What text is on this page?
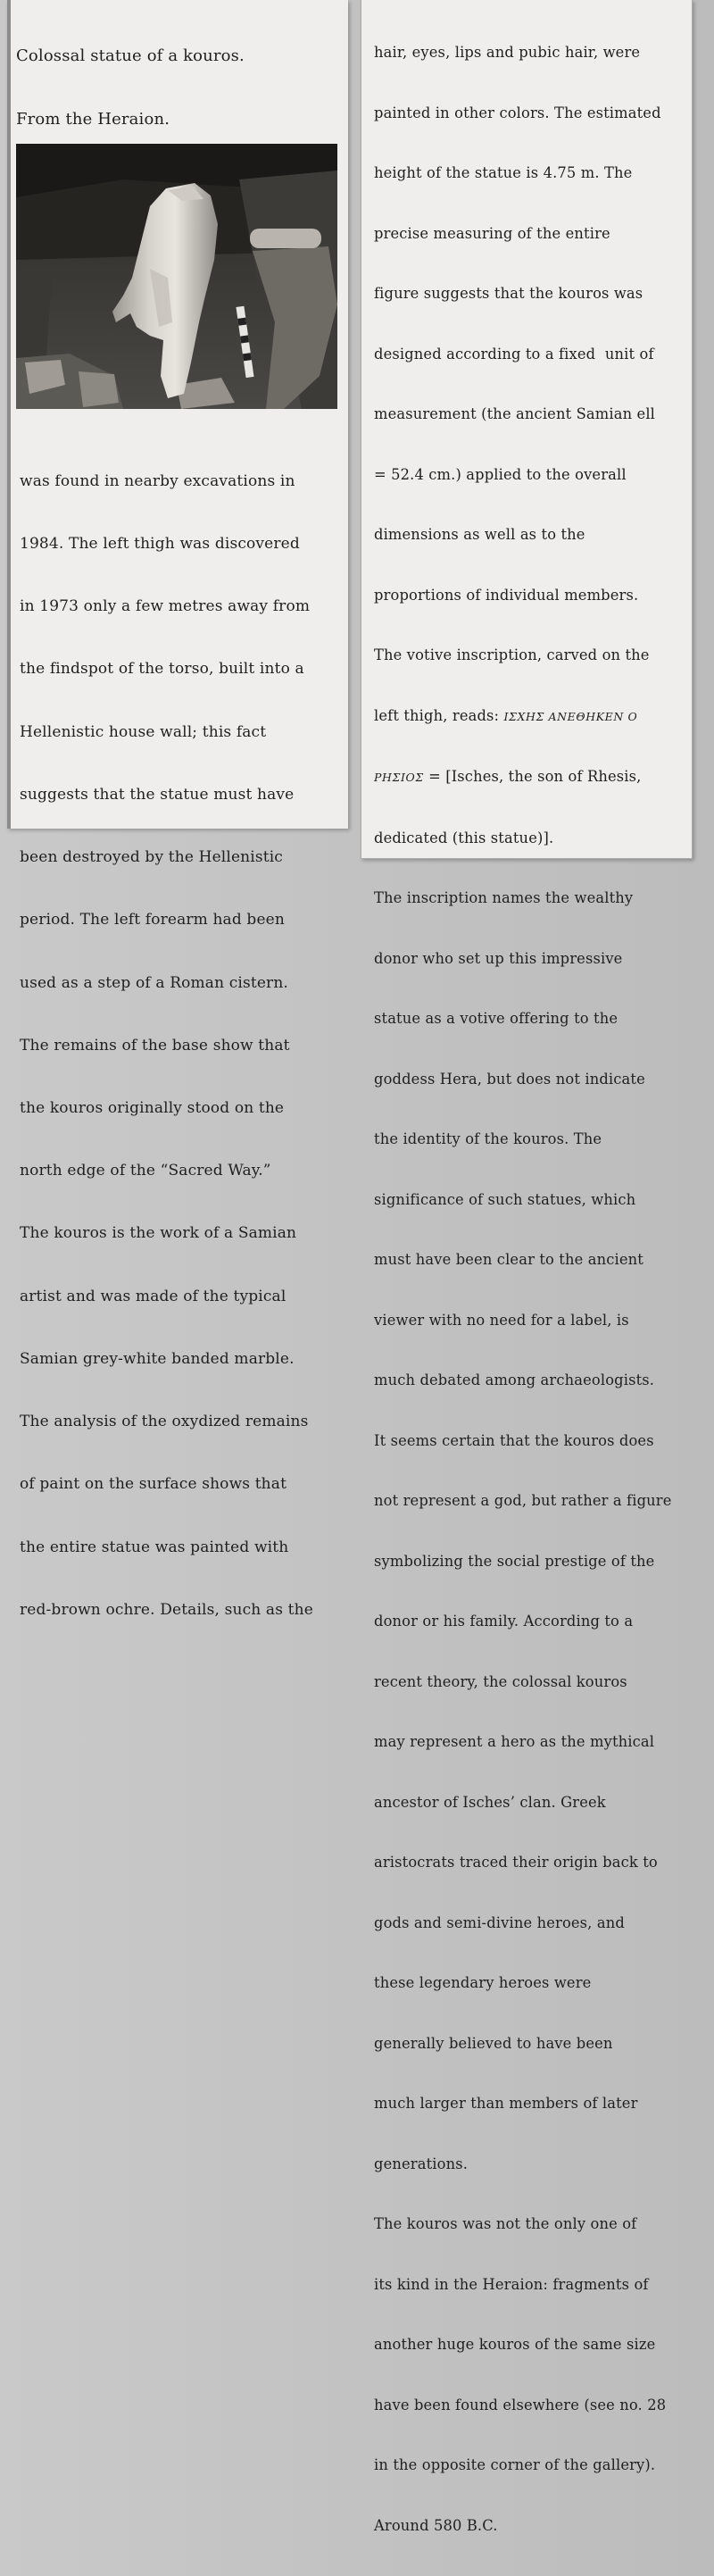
Colossal statue of a kouros.

From the Heraion.

was found in nearby excavations in

1984. The left thigh was discovered

in 1973 only a few metres away from

the findspot of the torso, built into a

Hellenistic house wall; this fact

suggests that the statue must have

been destroyed by the Hellenistic

period. The left forearm had been

used as a step of a Roman cistern.

The remains of the base show that

the kouros originally stood on the

north edge of the “Sacred Way.”

The kouros is the work of a Samian

artist and was made of the typical

Samian grey-white banded marble.

The analysis of the oxydized remains

of paint on the surface shows that

the entire statue was painted with

red-brown ochre. Details, such as the

hair, eyes, lips and pubic hair, were

painted in other colors. The estimated

height of the statue is 4.75 m. The

precise measuring of the entire

figure suggests that the kouros was

designed according to a fixed  unit of

measurement (the ancient Samian ell

= 52.4 cm.) applied to the overall

dimensions as well as to the

proportions of individual members.

The votive inscription, carved on the

left thigh, reads: ΙΣΧΗΣ ΑΝΕΘΗΚΕΝ Ο

ΡΗΣΙΟΣ = [Isches, the son of Rhesis,

dedicated (this statue)].

The inscription names the wealthy

donor who set up this impressive

statue as a votive offering to the

goddess Hera, but does not indicate

the identity of the kouros. The

significance of such statues, which

must have been clear to the ancient

viewer with no need for a label, is

much debated among archaeologists.

It seems certain that the kouros does

not represent a god, but rather a figure

symbolizing the social prestige of the

donor or his family. According to a

recent theory, the colossal kouros

may represent a hero as the mythical

ancestor of Isches’ clan. Greek

aristocrats traced their origin back to

gods and semi-divine heroes, and

these legendary heroes were

generally believed to have been

much larger than members of later

generations.

The kouros was not the only one of

its kind in the Heraion: fragments of

another huge kouros of the same size

have been found elsewhere (see no. 28

in the opposite corner of the gallery).

Around 580 B.C.
